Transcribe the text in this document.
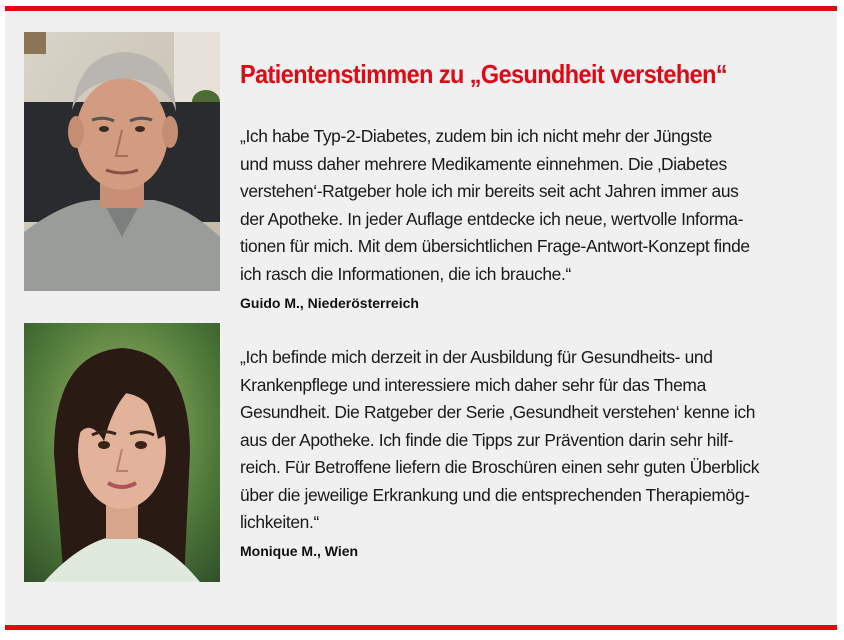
Patientenstimmen zu „Gesundheit verstehen“

„Ich habe Typ-2-Diabetes, zudem bin ich nicht mehr der Jüngste
und muss daher mehrere Medikamente einnehmen. Die ‚Diabetes
verstehen‘-Ratgeber hole ich mir bereits seit acht Jahren immer aus
der Apotheke. In jeder Auflage entdecke ich neue, wertvolle Informa-
tionen für mich. Mit dem übersichtlichen Frage-Antwort-Konzept finde
ich rasch die Informationen, die ich brauche.“

Guido M., Niederösterreich

„Ich befinde mich derzeit in der Ausbildung für Gesundheits- und
Krankenpflege und interessiere mich daher sehr für das Thema
Gesundheit. Die Ratgeber der Serie ‚Gesundheit verstehen‘ kenne ich
aus der Apotheke. Ich finde die Tipps zur Prävention darin sehr hilf-
reich. Für Betroffene liefern die Broschüren einen sehr guten Überblick
über die jeweilige Erkrankung und die entsprechenden Therapiemög-
lichkeiten.“

Monique M., Wien
